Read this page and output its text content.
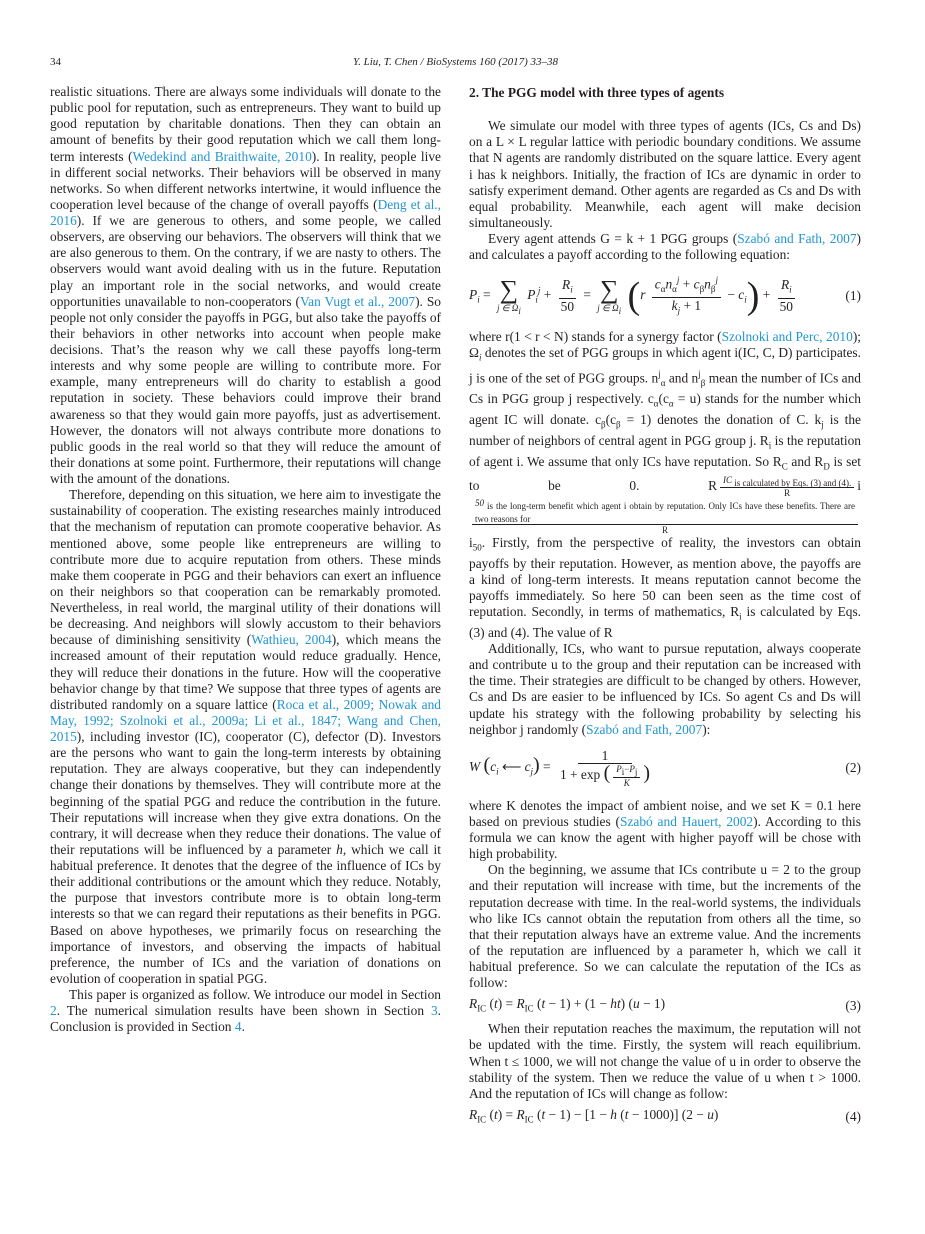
34	Y. Liu, T. Chen / BioSystems 160 (2017) 33–38

realistic situations. There are always some individuals will donate to the public pool for reputation, such as entrepreneurs. They want to build up good reputation by charitable donations. Then they can obtain an amount of benefits by their good reputation which we call them long-term interests (Wedekind and Braithwaite, 2010). In reality, people live in different social networks. Their behaviors will be observed in many networks. So when different networks intertwine, it would influence the cooperation level because of the change of overall payoffs (Deng et al., 2016). If we are generous to others, and some people, we called observers, are observing our behaviors. The observers will think that we are also generous to them. On the contrary, if we are nasty to others. The observers would want avoid dealing with us in the future. Reputation play an important role in the social networks, and would create opportunities unavailable to non-cooperators (Van Vugt et al., 2007). So people not only consider the payoffs in PGG, but also take the payoffs of their behaviors in other networks into account when people make decisions. That’s the reason why we call these payoffs long-term interests and why some people are willing to contribute more. For example, many entrepreneurs will do charity to establish a good reputation in society. These behaviors could improve their brand awareness so that they would gain more payoffs, just as advertisement. However, the donators will not always contribute more donations to public goods in the real world so that they will reduce the amount of their donations at some point. Furthermore, their reputations will change with the amount of the donations.

Therefore, depending on this situation, we here aim to investigate the sustainability of cooperation. The existing researches mainly introduced that the mechanism of reputation can promote cooperative behavior. As mentioned above, some people like entrepreneurs are willing to contribute more due to acquire reputation from others. These minds make them cooperate in PGG and their behaviors can exert an influence on their neighbors so that cooperation can be remarkably promoted. Nevertheless, in real world, the marginal utility of their donations will be decreasing. And neighbors will slowly accustom to their behaviors because of diminishing sensitivity (Wathieu, 2004), which means the increased amount of their reputation would reduce gradually. Hence, they will reduce their donations in the future. How will the cooperative behavior change by that time? We suppose that three types of agents are distributed randomly on a square lattice (Roca et al., 2009; Nowak and May, 1992; Szolnoki et al., 2009a; Li et al., 1847; Wang and Chen, 2015), including investor (IC), cooperator (C), defector (D). Investors are the persons who want to gain the long-term interests by obtaining reputation. They are always cooperative, but they can independently change their donations by themselves. They will contribute more at the beginning of the spatial PGG and reduce the contribution in the future. Their reputations will increase when they give extra donations. On the contrary, it will decrease when they reduce their donations. The value of their reputations will be influenced by a parameter h, which we call it habitual preference. It denotes that the degree of the influence of ICs by their additional contributions or the amount which they reduce. Notably, the purpose that investors contribute more is to obtain long-term interests so that we can regard their reputations as their benefits in PGG. Based on above hypotheses, we primarily focus on researching the importance of investors, and observing the impacts of habitual preference, the number of ICs and the variation of donations on evolution of cooperation in spatial PGG.

This paper is organized as follow. We introduce our model in Section 2. The numerical simulation results have been shown in Section 3. Conclusion is provided in Section 4.

2. The PGG model with three types of agents

We simulate our model with three types of agents (ICs, Cs and Ds) on a L × L regular lattice with periodic boundary conditions. We assume that N agents are randomly distributed on the square lattice. Every agent i has k neighbors. Initially, the fraction of ICs are dynamic in order to satisfy experiment demand. Other agents are regarded as Cs and Ds with equal probability. Meanwhile, each agent will make decision simultaneously.

Every agent attends G = k + 1 PGG groups (Szabó and Fath, 2007) and calculates a payoff according to the following equation:

$P_i$ = ∑
j ∈ $\Omega_i$
$P_i^j + \frac{R_i}{50}$ = ∑
j ∈ $\Omega_i$ $(r \frac{c_\alpha n_\alpha^j + c_\beta n_\beta^j}{k_j + 1} - c_i) + \frac{R_i}{50}$	(1)

where r(1 < r < N) stands for a synergy factor (Szolnoki and Perc, 2010); $\Omega_i$ denotes the set of PGG groups in which agent i(IC, C, D) participates. j is one of the set of PGG groups. $n^j_\alpha$ and $n^j_\beta$ mean the number of ICs and Cs in PGG group j respectively. $c_\alpha(c_\alpha = u)$ stands for the number which agent IC will donate. $c_\beta(c_\beta = 1)$ denotes the donation of C. $k_j$ is the number of neighbors of central agent in PGG group j. $R_i$ is the reputation of agent i. We assume that only ICs have reputation. So $R_C$ and $R_D$ is set to be 0. R $\frac{IC _{is calculated by Eqs. (3) and (4).}}{R}$ i
50 $_{is the long-term benefit which agent i obtain by reputation. Only ICs have these benefits. There are two reasons for}$
R
$i_{50}$. Firstly, from the perspective of reality, the investors can obtain payoffs by their reputation. However, as mention above, the payoffs are a kind of long-term interests. It means reputation cannot become the payoffs immediately. So here 50 can been seen as the time cost of reputation. Secondly, in terms of mathematics, $R_i$ is calculated by Eqs. (3) and (4). The value of R

Additionally, ICs, who want to pursue reputation, always cooperate and contribute u to the group and their reputation can be increased with the time. Their strategies are difficult to be changed by others. However, Cs and Ds are easier to be influenced by ICs. So agent Cs and Ds will update his strategy with the following probability by selecting his neighbor j randomly (Szabó and Fath, 2007):

W ($c_i$ ⟵ $c_j) = \frac{1}{1 + \exp ( \frac{P_i-P_j}{K} )}$	(2)

where K denotes the impact of ambient noise, and we set K = 0.1 here based on previous studies (Szabó and Hauert, 2002). According to this formula we can know the agent with higher payoff will be chose with high probability.

On the beginning, we assume that ICs contribute u = 2 to the group and their reputation will increase with time, but the increments of the reputation decrease with time. In the real-world systems, the individuals who like ICs cannot obtain the reputation from others all the time, so that their reputation always have an extreme value. And the increments of the reputation are influenced by a parameter h, which we call it habitual preference. So we can calculate the reputation of the ICs as follow:

$R_{IC}$ $(t) = R_{IC}$ (t − 1) + (1 − ht) (u − 1)	(3)

When their reputation reaches the maximum, the reputation will not be updated with the time. Firstly, the system will reach equilibrium. When t ≤ 1000, we will not change the value of u in order to observe the stability of the system. Then we reduce the value of u when t > 1000. And the reputation of ICs will change as follow:

$R_{IC}$ $(t) = R_{IC}$ (t − 1) − [1 − h (t − 1000)] (2 − u)	(4)
